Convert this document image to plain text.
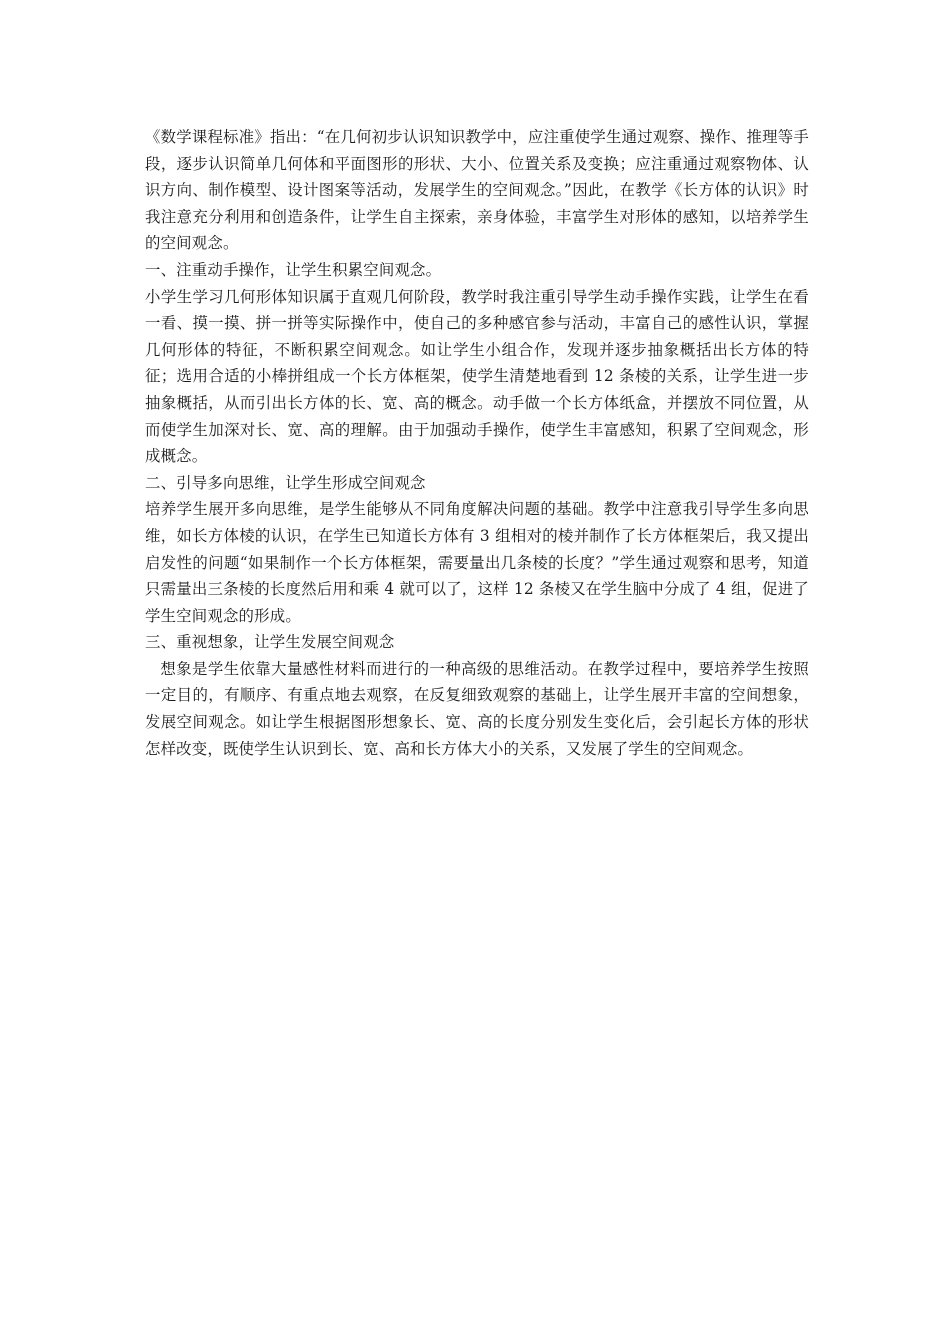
《数学课程标准》指出：“在几何初步认识知识教学中，应注重使学生通过观察、操作、推理等手段，逐步认识简单几何体和平面图形的形状、大小、位置关系及变换；应注重通过观察物体、认识方向、制作模型、设计图案等活动，发展学生的空间观念。”因此，在教学《长方体的认识》时我注意充分利用和创造条件，让学生自主探索，亲身体验，丰富学生对形体的感知，以培养学生的空间观念。

一、注重动手操作，让学生积累空间观念。

小学生学习几何形体知识属于直观几何阶段，教学时我注重引导学生动手操作实践，让学生在看一看、摸一摸、拼一拼等实际操作中，使自己的多种感官参与活动，丰富自己的感性认识，掌握几何形体的特征，不断积累空间观念。如让学生小组合作，发现并逐步抽象概括出长方体的特征；选用合适的小棒拼组成一个长方体框架，使学生清楚地看到 12 条棱的关系，让学生进一步抽象概括，从而引出长方体的长、宽、高的概念。动手做一个长方体纸盒，并摆放不同位置，从而使学生加深对长、宽、高的理解。由于加强动手操作，使学生丰富感知，积累了空间观念，形成概念。

二、引导多向思维，让学生形成空间观念

培养学生展开多向思维，是学生能够从不同角度解决问题的基础。教学中注意我引导学生多向思维，如长方体棱的认识，在学生已知道长方体有 3 组相对的棱并制作了长方体框架后，我又提出启发性的问题“如果制作一个长方体框架，需要量出几条棱的长度？”学生通过观察和思考，知道只需量出三条棱的长度然后用和乘 4 就可以了，这样 12 条棱又在学生脑中分成了 4 组，促进了学生空间观念的形成。

三、重视想象，让学生发展空间观念

想象是学生依靠大量感性材料而进行的一种高级的思维活动。在教学过程中，要培养学生按照一定目的，有顺序、有重点地去观察，在反复细致观察的基础上，让学生展开丰富的空间想象，发展空间观念。如让学生根据图形想象长、宽、高的长度分别发生变化后，会引起长方体的形状怎样改变，既使学生认识到长、宽、高和长方体大小的关系，又发展了学生的空间观念。
